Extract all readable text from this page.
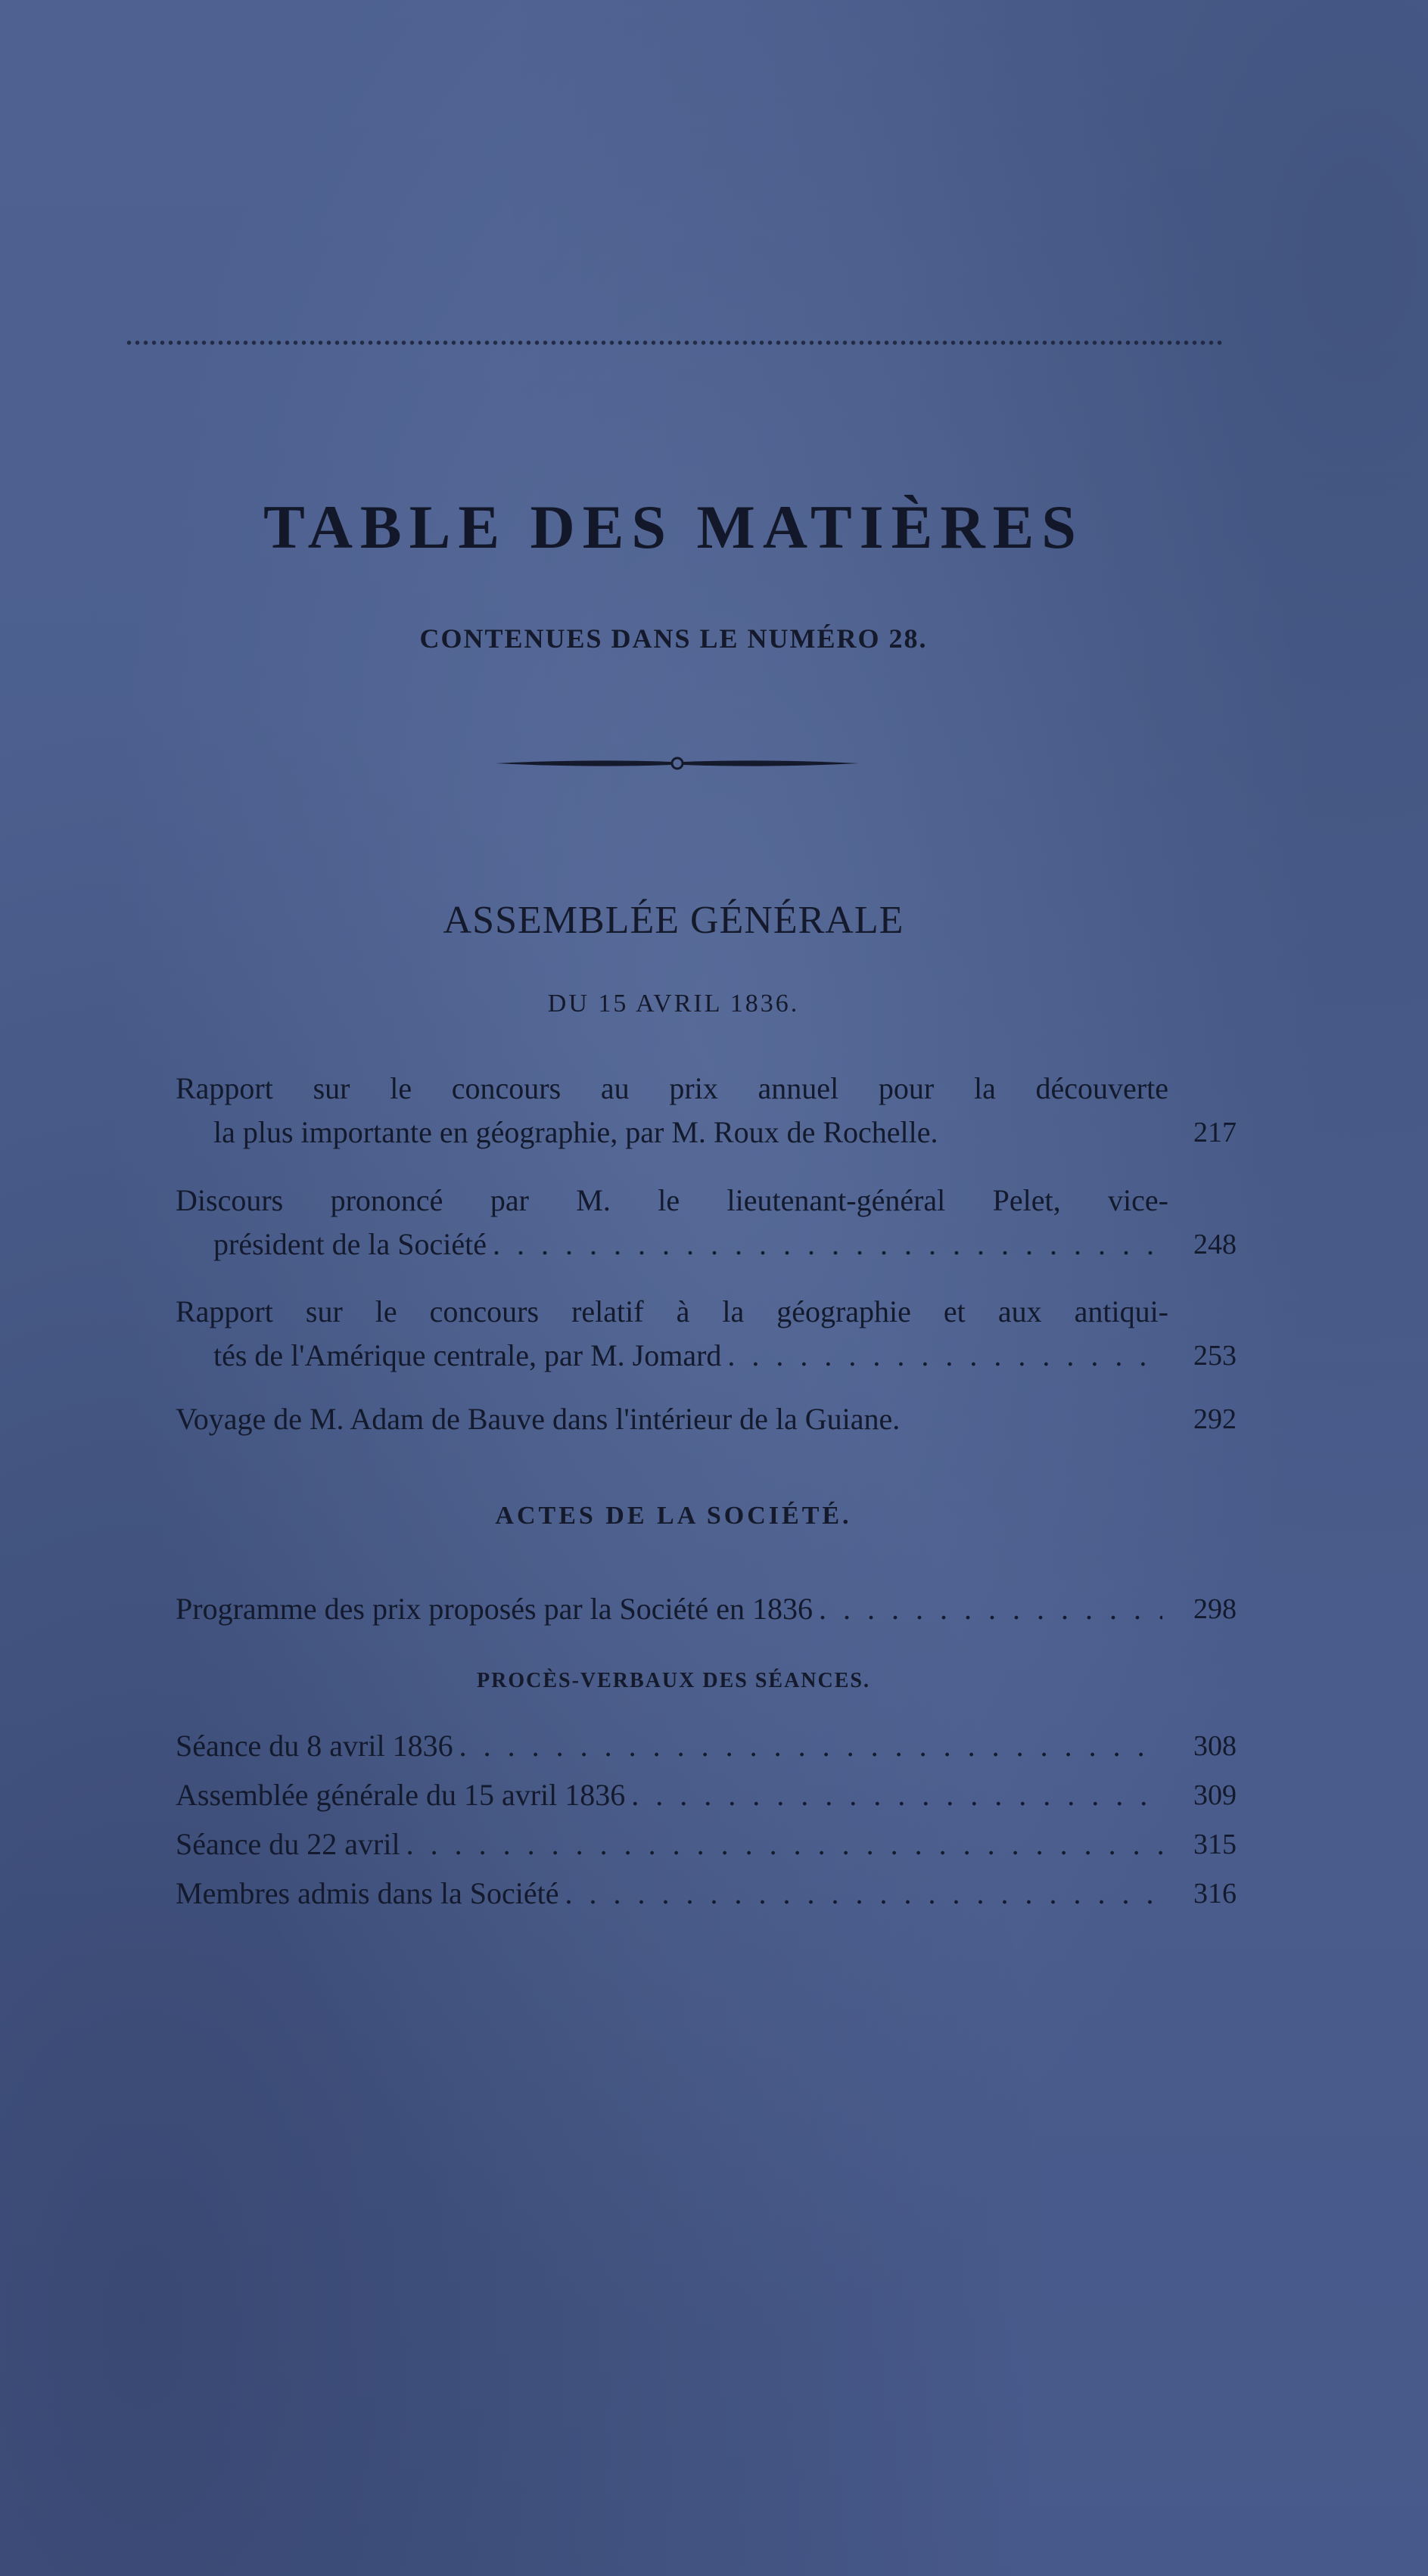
TABLE DES MATIÈRES
CONTENUES DANS LE NUMÉRO 28.
ASSEMBLÉE GÉNÉRALE
DU 15 AVRIL 1836.
Rapport sur le concours au prix annuel pour la découverte
la plus importante en géographie, par M. Roux de Rochelle.	217
Discours prononcé par M. le lieutenant-général Pelet, vice-
président de la Société . . .	248
Rapport sur le concours relatif à la géographie et aux antiqui-
tés de l'Amérique centrale, par M. Jomard . . .	253
Voyage de M. Adam de Bauve dans l'intérieur de la Guiane.	292
ACTES DE LA SOCIÉTÉ.
Programme des prix proposés par la Société en 1836 . . .	298
PROCÈS-VERBAUX DES SÉANCES.
Séance du 8 avril 1836 . . .	308
Assemblée générale du 15 avril 1836 . . .	309
Séance du 22 avril . . .	315
Membres admis dans la Société . . .	316
